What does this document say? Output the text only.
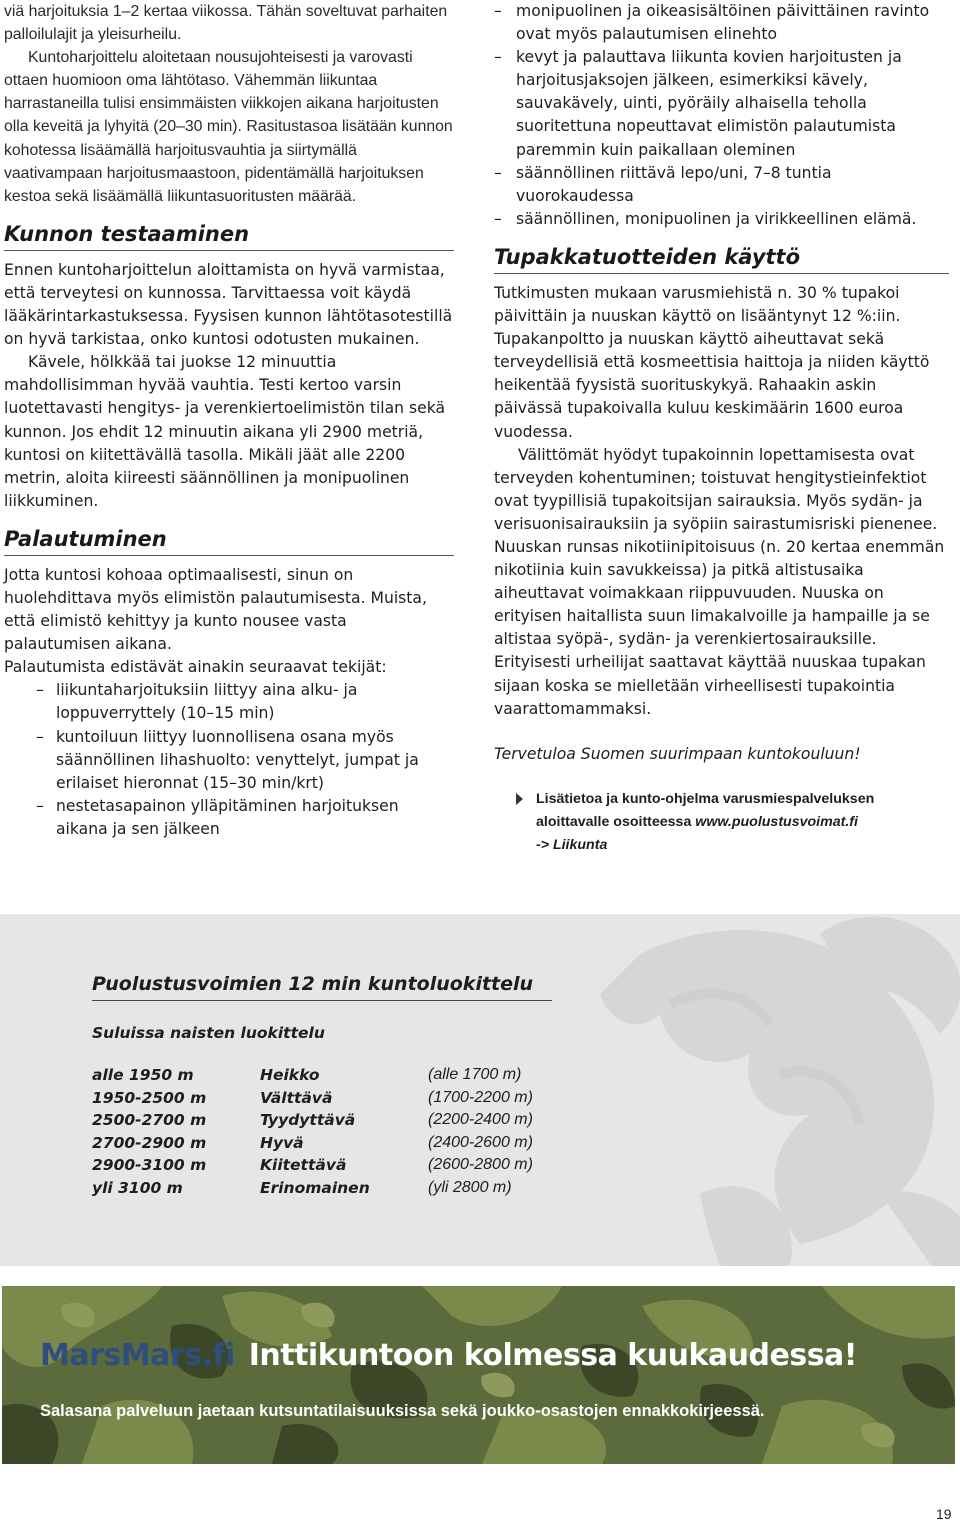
viä harjoituksia 1–2 kertaa viikossa. Tähän soveltuvat parhaiten palloilulajit ja yleisurheilu.

Kuntoharjoittelu aloitetaan nousujohteisesti ja varovasti ottaen huomioon oma lähtötaso. Vähemmän liikuntaa harrastaneilla tulisi ensimmäisten viikkojen aikana harjoitusten olla keveitä ja lyhyitä (20–30 min). Rasitustasoa lisätään kunnon kohotessa lisäämällä harjoitusvauhtia ja siirtymällä vaativampaan harjoitusmaastoon, pidentämällä harjoituksen kestoa sekä lisäämällä liikuntasuoritusten määrää.

Kunnon testaaminen

Ennen kuntoharjoittelun aloittamista on hyvä varmistaa, että terveytesi on kunnossa. Tarvittaessa voit käydä lääkärintarkastuksessa. Fyysisen kunnon lähtötasotestillä on hyvä tarkistaa, onko kuntosi odotusten mukainen.

Kävele, hölkkää tai juokse 12 minuuttia mahdollisimman hyvää vauhtia. Testi kertoo varsin luotettavasti hengitys- ja verenkiertoelimistön tilan sekä kunnon. Jos ehdit 12 minuutin aikana yli 2900 metriä, kuntosi on kiitettävällä tasolla. Mikäli jäät alle 2200 metrin, aloita kiireesti säännöllinen ja monipuolinen liikkuminen.

Palautuminen

Jotta kuntosi kohoaa optimaalisesti, sinun on huolehdittava myös elimistön palautumisesta. Muista, että elimistö kehittyy ja kunto nousee vasta palautumisen aikana.

Palautumista edistävät ainakin seuraavat tekijät:

– liikuntaharjoituksiin liittyy aina alku- ja loppuverryttely (10–15 min)
– kuntoiluun liittyy luonnollisena osana myös säännöllinen lihashuolto: venyttelyt, jumpat ja erilaiset hieronnat (15–30 min/krt)
– nestetasapainon ylläpitäminen harjoituksen aikana ja sen jälkeen
– monipuolinen ja oikeasisältöinen päivittäinen ravinto ovat myös palautumisen elinehto
– kevyt ja palauttava liikunta kovien harjoitusten ja harjoitusjaksojen jälkeen, esimerkiksi kävely, sauvakävely, uinti, pyöräily alhaisella teholla suoritettuna nopeuttavat elimistön palautumista paremmin kuin paikallaan oleminen
– säännöllinen riittävä lepo/uni, 7–8 tuntia vuorokaudessa
– säännöllinen, monipuolinen ja virikkeellinen elämä.
Tupakkatuotteiden käyttö

Tutkimusten mukaan varusmiehistä n. 30 % tupakoi päivittäin ja nuuskan käyttö on lisääntynyt 12 %:iin. Tupakanpoltto ja nuuskan käyttö aiheuttavat sekä terveydellisiä että kosmeettisia haittoja ja niiden käyttö heikentää fyysistä suorituskykyä. Rahaakin askin päivässä tupakoivalla kuluu keskimäärin 1600 euroa vuodessa.

Välittömät hyödyt tupakoinnin lopettamisesta ovat terveyden kohentuminen; toistuvat hengitystieinfektiot ovat tyypillisiä tupakoitsijan sairauksia. Myös sydän- ja verisuonisairauksiin ja syöpiin sairastumisriski pienenee. Nuuskan runsas nikotiinipitoisuus (n. 20 kertaa enemmän nikotiinia kuin savukkeissa) ja pitkä altistusaika aiheuttavat voimakkaan riippuvuuden. Nuuska on erityisen haitallista suun limakalvoille ja hampaille ja se altistaa syöpä-, sydän- ja verenkiertosairauksille. Erityisesti urheilijat saattavat käyttää nuuskaa tupakan sijaan koska se mielletään virheellisesti tupakointia vaarattomammaksi.

Tervetuloa Suomen suurimpaan kuntokouluun!

Lisätietoa ja kunto-ohjelma varusmiespalveluksen aloittavalle osoitteessa www.puolustusvoimat.fi
-> Liikunta

Puolustusvoimien 12 min kuntoluokittelu
Suluissa naisten luokittelu
alle 1950 m	Heikko	(alle 1700 m)
1950-2500 m	Välttävä	(1700-2200 m)
2500-2700 m	Tyydyttävä	(2200-2400 m)
2700-2900 m	Hyvä	(2400-2600 m)
2900-3100 m	Kiitettävä	(2600-2800 m)
yli 3100 m	Erinomainen	(yli 2800 m)
MarsMars.fi Inttikuntoon kolmessa kuukaudessa!
Salasana palveluun jaetaan kutsuntatilaisuuksissa sekä joukko-osastojen ennakkokirjeessä.
19
